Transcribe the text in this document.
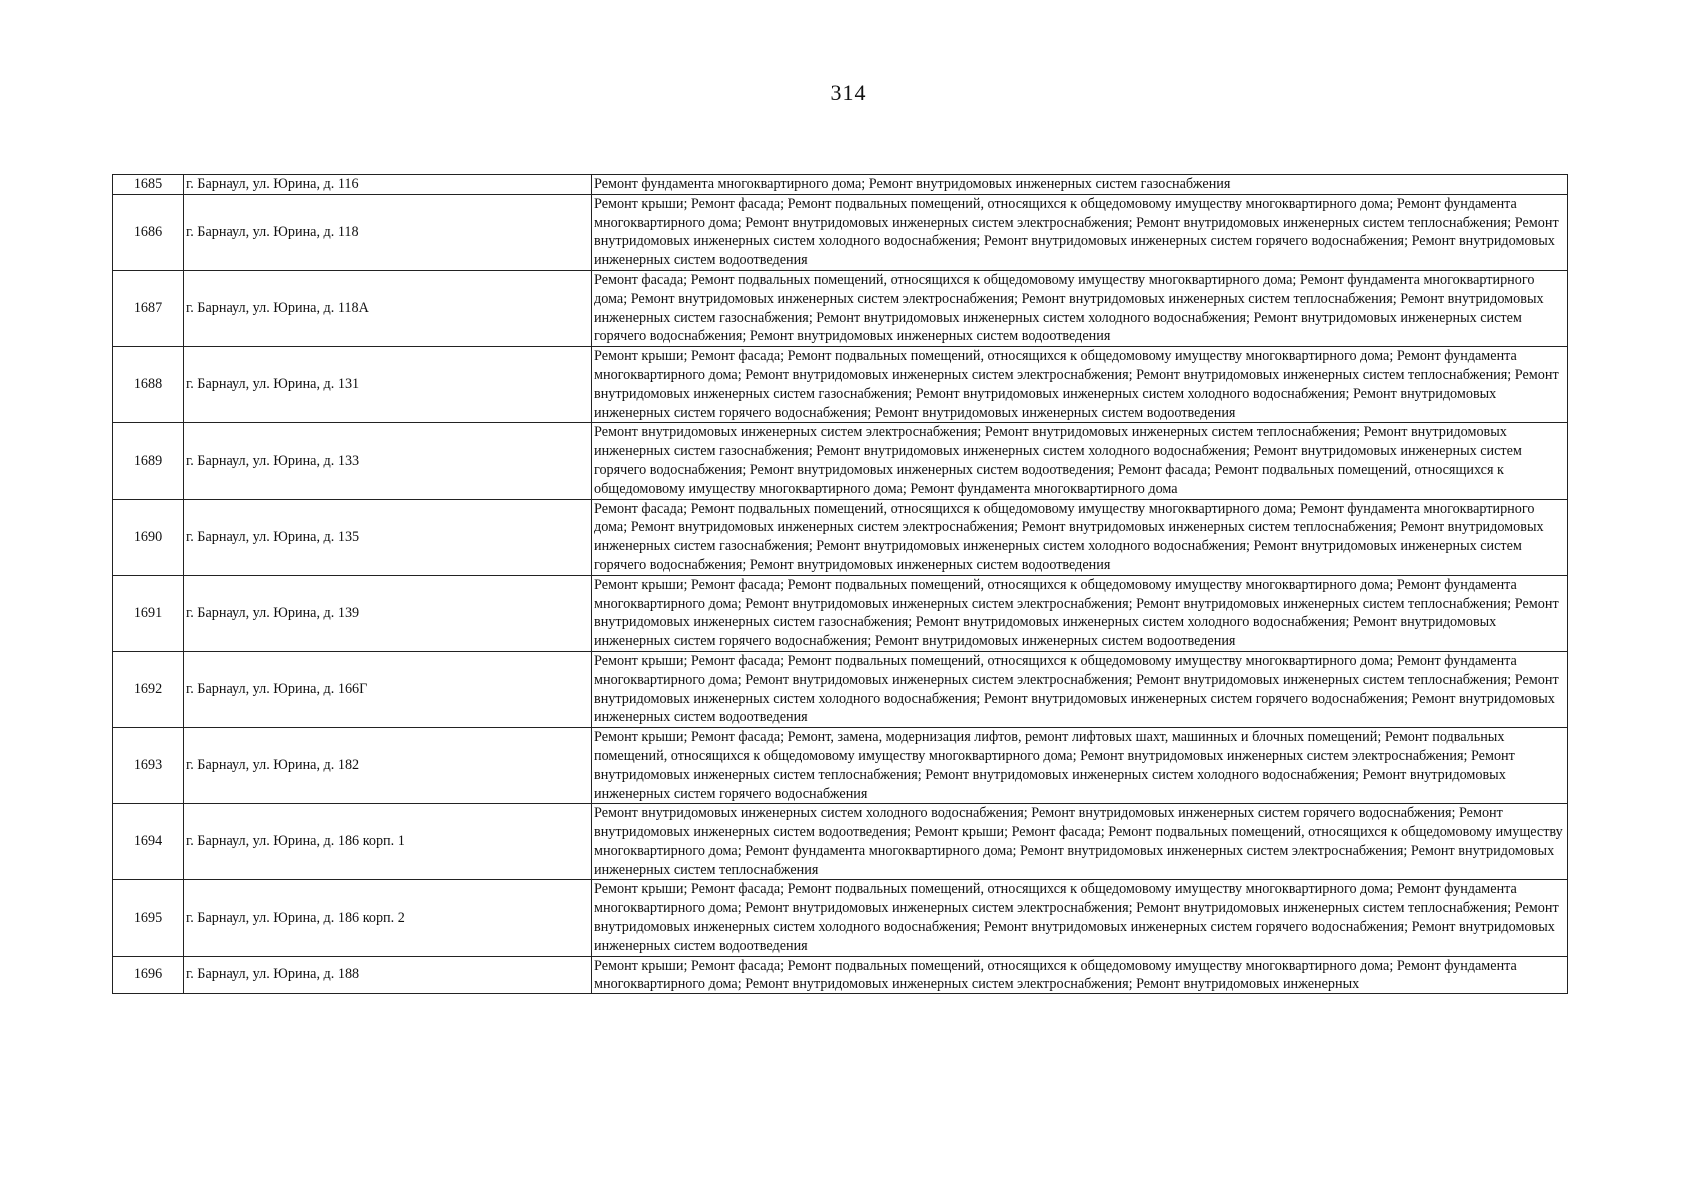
314
1685	г. Барнаул, ул. Юрина, д. 116	Ремонт фундамента многоквартирного дома; Ремонт внутридомовых инженерных систем газоснабжения
1686	г. Барнаул, ул. Юрина, д. 118	Ремонт крыши; Ремонт фасада; Ремонт подвальных помещений, относящихся к общедомовому имуществу многоквартирного дома; Ремонт фундамента многоквартирного дома; Ремонт внутридомовых инженерных систем электроснабжения; Ремонт внутридомовых инженерных систем теплоснабжения; Ремонт внутридомовых инженерных систем холодного водоснабжения; Ремонт внутридомовых инженерных систем горячего водоснабжения; Ремонт внутридомовых инженерных систем водоотведения
1687	г. Барнаул, ул. Юрина, д. 118А	Ремонт фасада; Ремонт подвальных помещений, относящихся к общедомовому имуществу многоквартирного дома; Ремонт фундамента многоквартирного дома; Ремонт внутридомовых инженерных систем электроснабжения; Ремонт внутридомовых инженерных систем теплоснабжения; Ремонт внутридомовых инженерных систем газоснабжения; Ремонт внутридомовых инженерных систем холодного водоснабжения; Ремонт внутридомовых инженерных систем горячего водоснабжения; Ремонт внутридомовых инженерных систем водоотведения
1688	г. Барнаул, ул. Юрина, д. 131	Ремонт крыши; Ремонт фасада; Ремонт подвальных помещений, относящихся к общедомовому имуществу многоквартирного дома; Ремонт фундамента многоквартирного дома; Ремонт внутридомовых инженерных систем электроснабжения; Ремонт внутридомовых инженерных систем теплоснабжения; Ремонт внутридомовых инженерных систем газоснабжения; Ремонт внутридомовых инженерных систем холодного водоснабжения; Ремонт внутридомовых инженерных систем горячего водоснабжения; Ремонт внутридомовых инженерных систем водоотведения
1689	г. Барнаул, ул. Юрина, д. 133	Ремонт внутридомовых инженерных систем электроснабжения; Ремонт внутридомовых инженерных систем теплоснабжения; Ремонт внутридомовых инженерных систем газоснабжения; Ремонт внутридомовых инженерных систем холодного водоснабжения; Ремонт внутридомовых инженерных систем горячего водоснабжения; Ремонт внутридомовых инженерных систем водоотведения; Ремонт фасада; Ремонт подвальных помещений, относящихся к общедомовому имуществу многоквартирного дома; Ремонт фундамента многоквартирного дома
1690	г. Барнаул, ул. Юрина, д. 135	Ремонт фасада; Ремонт подвальных помещений, относящихся к общедомовому имуществу многоквартирного дома; Ремонт фундамента многоквартирного дома; Ремонт внутридомовых инженерных систем электроснабжения; Ремонт внутридомовых инженерных систем теплоснабжения; Ремонт внутридомовых инженерных систем газоснабжения; Ремонт внутридомовых инженерных систем холодного водоснабжения; Ремонт внутридомовых инженерных систем горячего водоснабжения; Ремонт внутридомовых инженерных систем водоотведения
1691	г. Барнаул, ул. Юрина, д. 139	Ремонт крыши; Ремонт фасада; Ремонт подвальных помещений, относящихся к общедомовому имуществу многоквартирного дома; Ремонт фундамента многоквартирного дома; Ремонт внутридомовых инженерных систем электроснабжения; Ремонт внутридомовых инженерных систем теплоснабжения; Ремонт внутридомовых инженерных систем газоснабжения; Ремонт внутридомовых инженерных систем холодного водоснабжения; Ремонт внутридомовых инженерных систем горячего водоснабжения; Ремонт внутридомовых инженерных систем водоотведения
1692	г. Барнаул, ул. Юрина, д. 166Г	Ремонт крыши; Ремонт фасада; Ремонт подвальных помещений, относящихся к общедомовому имуществу многоквартирного дома; Ремонт фундамента многоквартирного дома; Ремонт внутридомовых инженерных систем электроснабжения; Ремонт внутридомовых инженерных систем теплоснабжения; Ремонт внутридомовых инженерных систем холодного водоснабжения; Ремонт внутридомовых инженерных систем горячего водоснабжения; Ремонт внутридомовых инженерных систем водоотведения
1693	г. Барнаул, ул. Юрина, д. 182	Ремонт крыши; Ремонт фасада; Ремонт, замена, модернизация лифтов, ремонт лифтовых шахт, машинных и блочных помещений; Ремонт подвальных помещений, относящихся к общедомовому имуществу многоквартирного дома; Ремонт внутридомовых инженерных систем электроснабжения; Ремонт внутридомовых инженерных систем теплоснабжения; Ремонт внутридомовых инженерных систем холодного водоснабжения; Ремонт внутридомовых инженерных систем горячего водоснабжения
1694	г. Барнаул, ул. Юрина, д. 186 корп. 1	Ремонт внутридомовых инженерных систем холодного водоснабжения; Ремонт внутридомовых инженерных систем горячего водоснабжения; Ремонт внутридомовых инженерных систем водоотведения; Ремонт крыши; Ремонт фасада; Ремонт подвальных помещений, относящихся к общедомовому имуществу многоквартирного дома; Ремонт фундамента многоквартирного дома; Ремонт внутридомовых инженерных систем электроснабжения; Ремонт внутридомовых инженерных систем теплоснабжения
1695	г. Барнаул, ул. Юрина, д. 186 корп. 2	Ремонт крыши; Ремонт фасада; Ремонт подвальных помещений, относящихся к общедомовому имуществу многоквартирного дома; Ремонт фундамента многоквартирного дома; Ремонт внутридомовых инженерных систем электроснабжения; Ремонт внутридомовых инженерных систем теплоснабжения; Ремонт внутридомовых инженерных систем холодного водоснабжения; Ремонт внутридомовых инженерных систем горячего водоснабжения; Ремонт внутридомовых инженерных систем водоотведения
1696	г. Барнаул, ул. Юрина, д. 188	Ремонт крыши; Ремонт фасада; Ремонт подвальных помещений, относящихся к общедомовому имуществу многоквартирного дома; Ремонт фундамента многоквартирного дома; Ремонт внутридомовых инженерных систем электроснабжения; Ремонт внутридомовых инженерных
